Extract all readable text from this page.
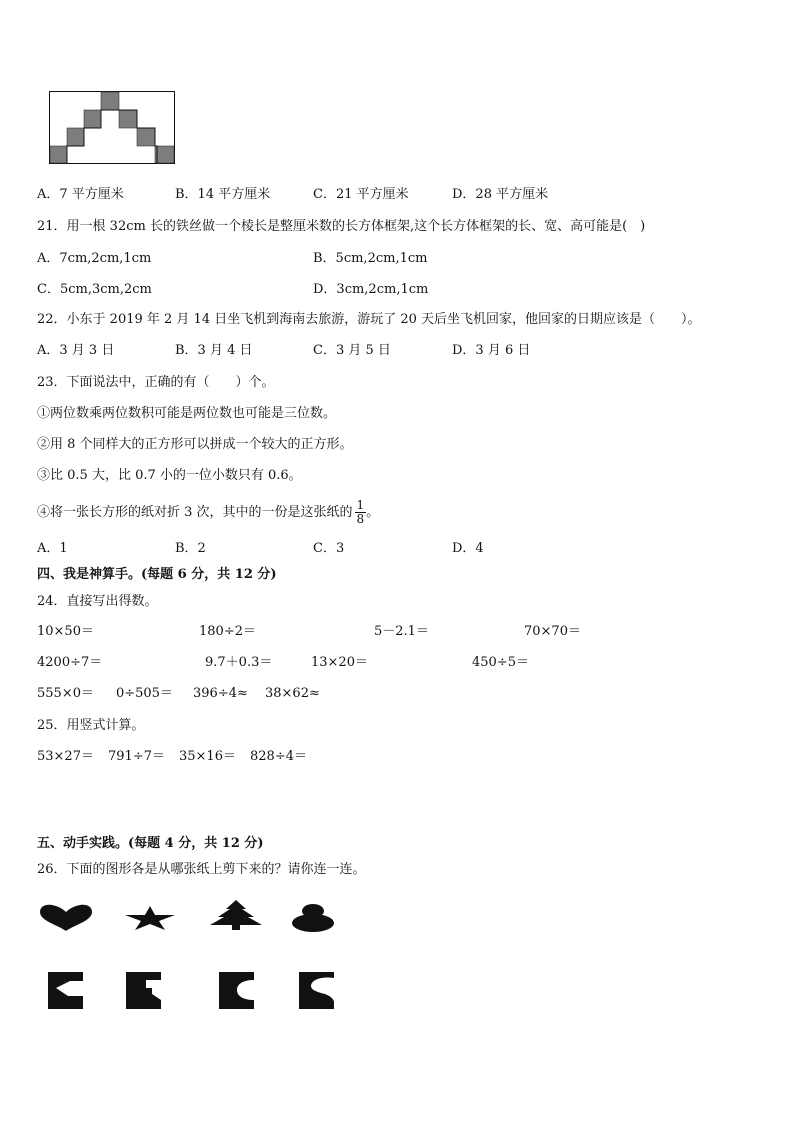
A．7 平方厘米	B．14 平方厘米	C．21 平方厘米	D．28 平方厘米
21．用一根 32cm 长的铁丝做一个棱长是整厘米数的长方体框架,这个长方体框架的长、宽、高可能是(　)
A．7cm,2cm,1cm	B．5cm,2cm,1cm
C．5cm,3cm,2cm	D．3cm,2cm,1cm
22．小东于 2019 年 2 月 14 日坐飞机到海南去旅游，游玩了 20 天后坐飞机回家，他回家的日期应该是（　　）。
A．3 月 3 日	B．3 月 4 日	C．3 月 5 日	D．3 月 6 日
23．下面说法中，正确的有（　　）个。
①两位数乘两位数积可能是两位数也可能是三位数。
②用 8 个同样大的正方形可以拼成一个较大的正方形。
③比 0.5 大，比 0.7 小的一位小数只有 0.6。
④将一张长方形的纸对折 3 次，其中的一份是这张纸的 $\frac{1}{8}$ 。
A．1	B．2	C．3	D．4
四、我是神算手。(每题 6 分，共 12 分)
24．直接写出得数。
10×50＝	180÷2＝	5－2.1＝	70×70＝
4200÷7＝	9.7＋0.3＝	13×20＝	450÷5＝
555×0＝ 0÷505＝ 396÷4≈ 38×62≈
25．用竖式计算。
53×27＝ 791÷7＝ 35×16＝ 828÷4＝
五、动手实践。(每题 4 分，共 12 分)
26．下面的图形各是从哪张纸上剪下来的？请你连一连。
